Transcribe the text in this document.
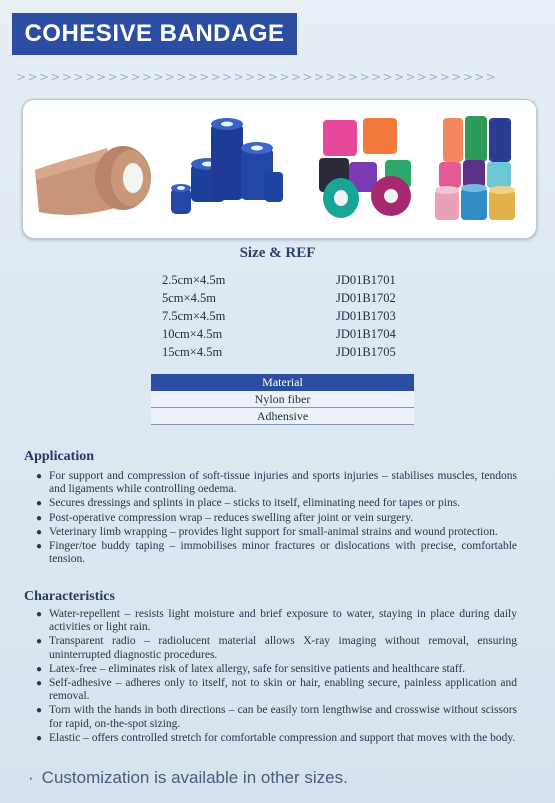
COHESIVE BANDAGE
>>>>>>>>>>>>>>>>>>>>>>>>>>>>>>>>>>>>>>>>>>
Size & REF
2.5cm×4.5m	JD01B1701
5cm×4.5m	JD01B1702
7.5cm×4.5m	JD01B1703
10cm×4.5m	JD01B1704
15cm×4.5m	JD01B1705
Material
Nylon fiber
Adhensive
Application
● For support and compression of soft-tissue injuries and sports injuries – stabilises muscles, tendons and ligaments while controlling oedema.
● Secures dressings and splints in place – sticks to itself, eliminating need for tapes or pins.
● Post-operative compression wrap – reduces swelling after joint or vein surgery.
● Veterinary limb wrapping – provides light support for small-animal strains and wound protection.
● Finger/toe buddy taping – immobilises minor fractures or dislocations with precise, comfortable tension.
Characteristics
● Water-repellent – resists light moisture and brief exposure to water, staying in place during daily activities or light rain.
● Transparent radio – radiolucent material allows X-ray imaging without removal, ensuring uninterrupted diagnostic procedures.
● Latex-free – eliminates risk of latex allergy, safe for sensitive patients and healthcare staff.
● Self-adhesive – adheres only to itself, not to skin or hair, enabling secure, painless application and removal.
● Torn with the hands in both directions – can be easily torn lengthwise and crosswise without scissors for rapid, on-the-spot sizing.
● Elastic – offers controlled stretch for comfortable compression and support that moves with the body.
· Customization is available in other sizes.
